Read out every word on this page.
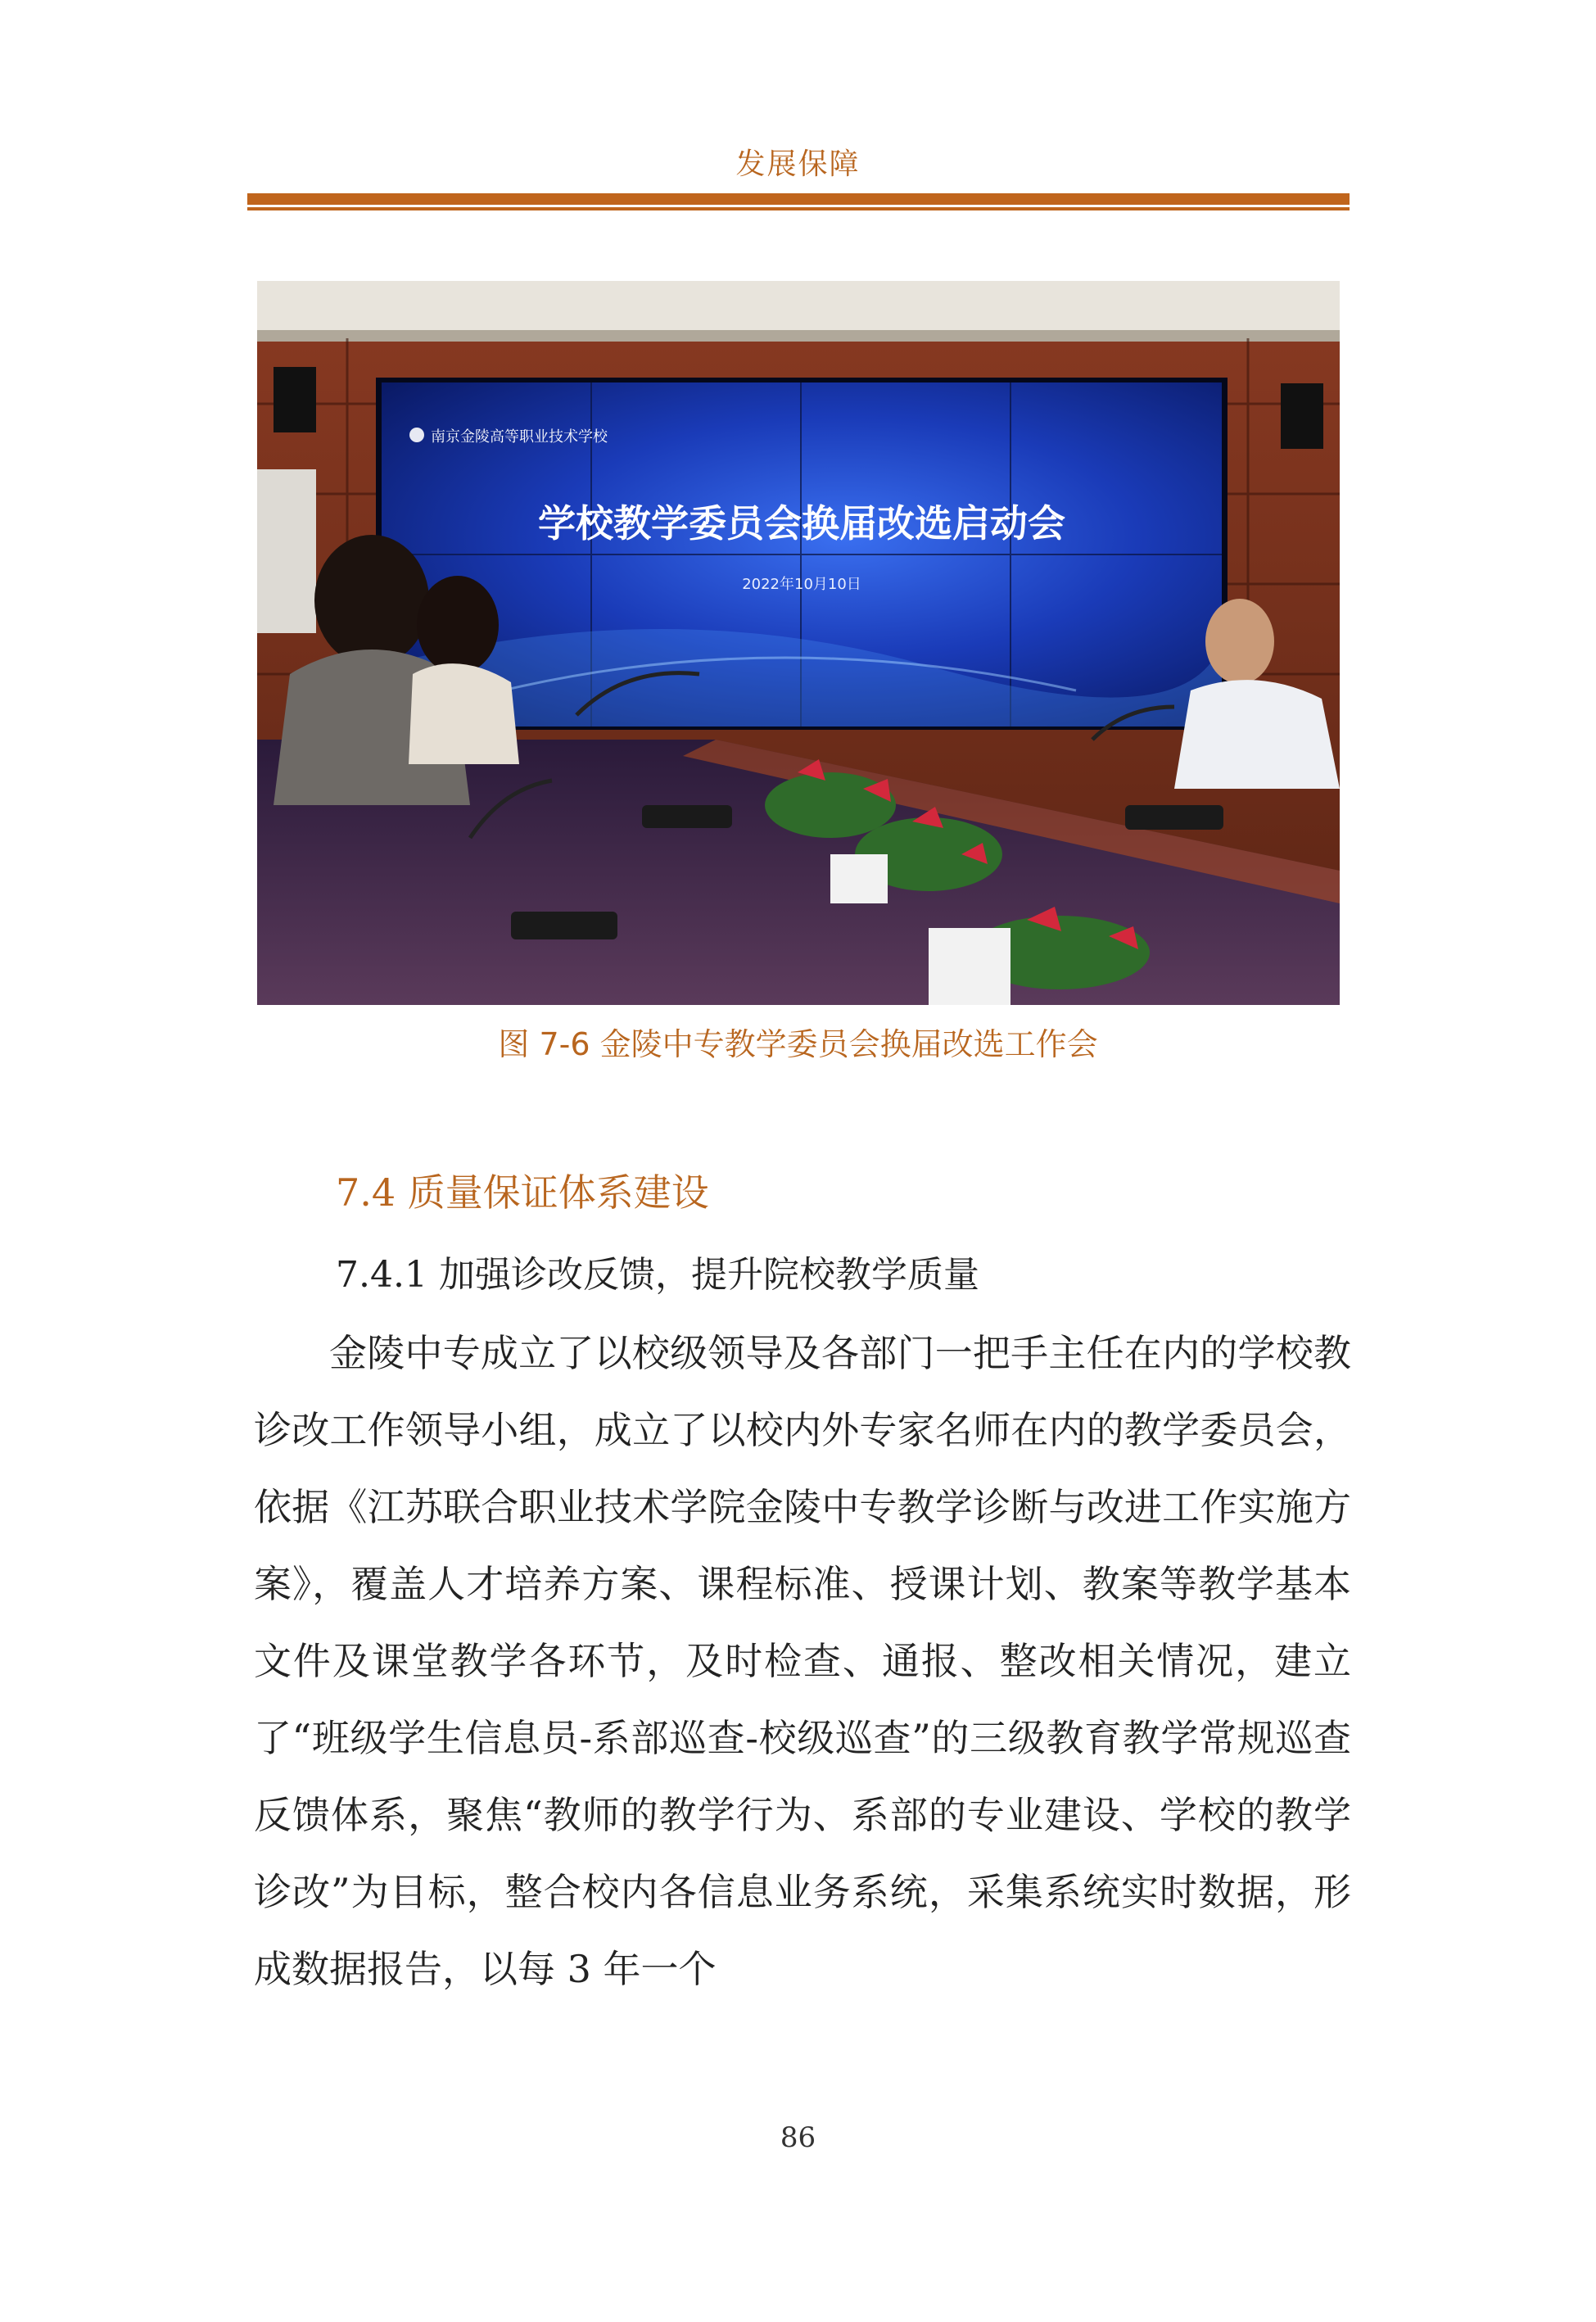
发展保障
南京金陵高等职业技术学校
学校教学委员会换届改选启动会
2022年10月10日
图 7-6 金陵中专教学委员会换届改选工作会
7.4 质量保证体系建设
7.4.1 加强诊改反馈，提升院校教学质量

金陵中专成立了以校级领导及各部门一把手主任在内的学校教诊改工作领导小组，成立了以校内外专家名师在内的教学委员会，依据《江苏联合职业技术学院金陵中专教学诊断与改进工作实施方案》，覆盖人才培养方案、课程标准、授课计划、教案等教学基本文件及课堂教学各环节，及时检查、通报、整改相关情况，建立了“班级学生信息员-系部巡查-校级巡查”的三级教育教学常规巡查反馈体系，聚焦“教师的教学行为、系部的专业建设、学校的教学诊改”为目标，整合校内各信息业务系统，采集系统实时数据，形成数据报告，以每 3 年一个

86
